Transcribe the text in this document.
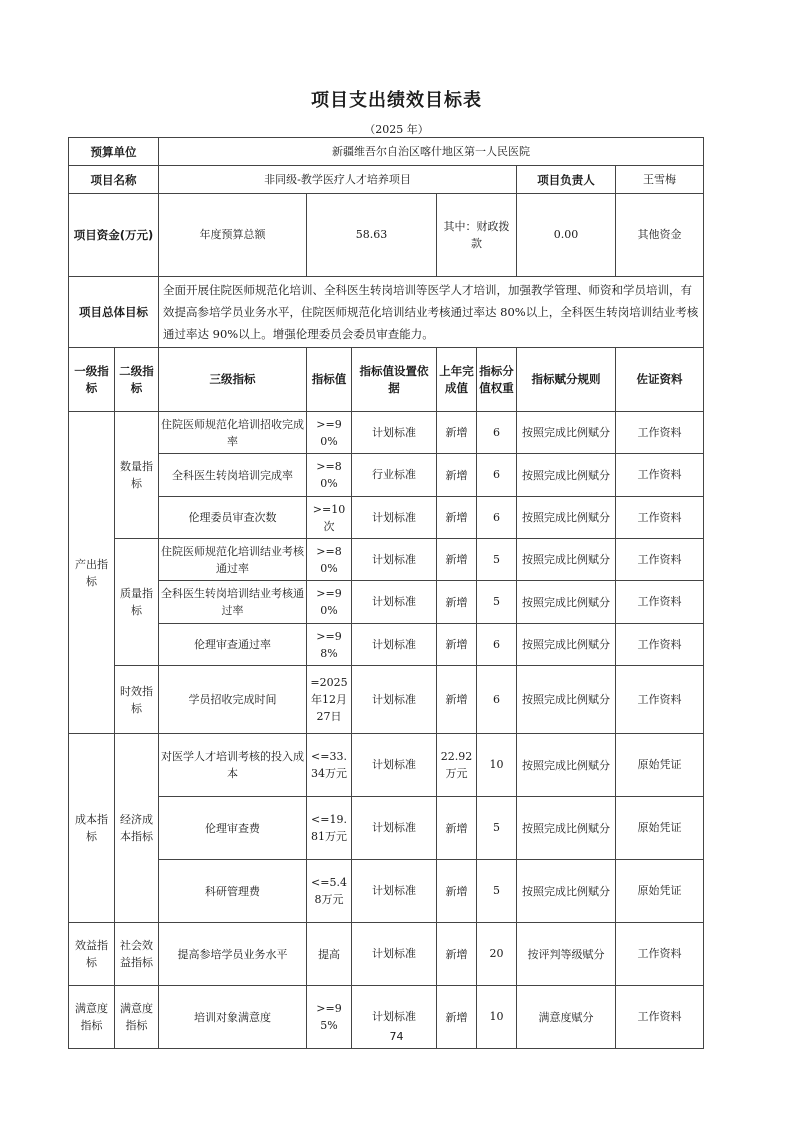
项目支出绩效目标表
（2025 年）
预算单位		新疆维吾尔自治区喀什地区第一人民医院							
项目名称		非同级-教学医疗人才培养项目					项目负责人	王雪梅	
项目资金(万元)		年度预算总额	58.63		其中：财政拨款		0.00	其他资金	
项目总体目标		全面开展住院医师规范化培训、全科医生转岗培训等医学人才培训，加强教学管理、师资和学员培训，有效提高参培学员业务水平，住院医师规范化培训结业考核通过率达 80%以上，全科医生转岗培训结业考核通过率达 90%以上。增强伦理委员会委员审查能力。							
一级指标	二级指标	三级指标	指标值	指标值设置依据	上年完成值	指标分值权重	指标赋分规则	佐证资料	
产出指标	数量指标	住院医师规范化培训招收完成率	>=90%	计划标准	新增	6	按照完成比例赋分	工作资料	
		全科医生转岗培训完成率	>=80%	行业标准	新增	6	按照完成比例赋分	工作资料	
		伦理委员审查次数	>=10次	计划标准	新增	6	按照完成比例赋分	工作资料	
	质量指标	住院医师规范化培训结业考核通过率	>=80%	计划标准	新增	5	按照完成比例赋分	工作资料	
		全科医生转岗培训结业考核通过率	>=90%	计划标准	新增	5	按照完成比例赋分	工作资料	
		伦理审查通过率	>=98%	计划标准	新增	6	按照完成比例赋分	工作资料	
	时效指标	学员招收完成时间	=2025年12月27日	计划标准	新增	6	按照完成比例赋分	工作资料	
成本指标	经济成本指标	对医学人才培训考核的投入成本	<=33.34万元	计划标准	22.92万元	10	按照完成比例赋分	原始凭证	
		伦理审查费	<=19.81万元	计划标准	新增	5	按照完成比例赋分	原始凭证	
		科研管理费	<=5.48万元	计划标准	新增	5	按照完成比例赋分	原始凭证	
效益指标	社会效益指标	提高参培学员业务水平	提高	计划标准	新增	20	按评判等级赋分	工作资料	
满意度指标	满意度指标	培训对象满意度	>=95%	计划标准	新增	10	满意度赋分	工作资料	
74
